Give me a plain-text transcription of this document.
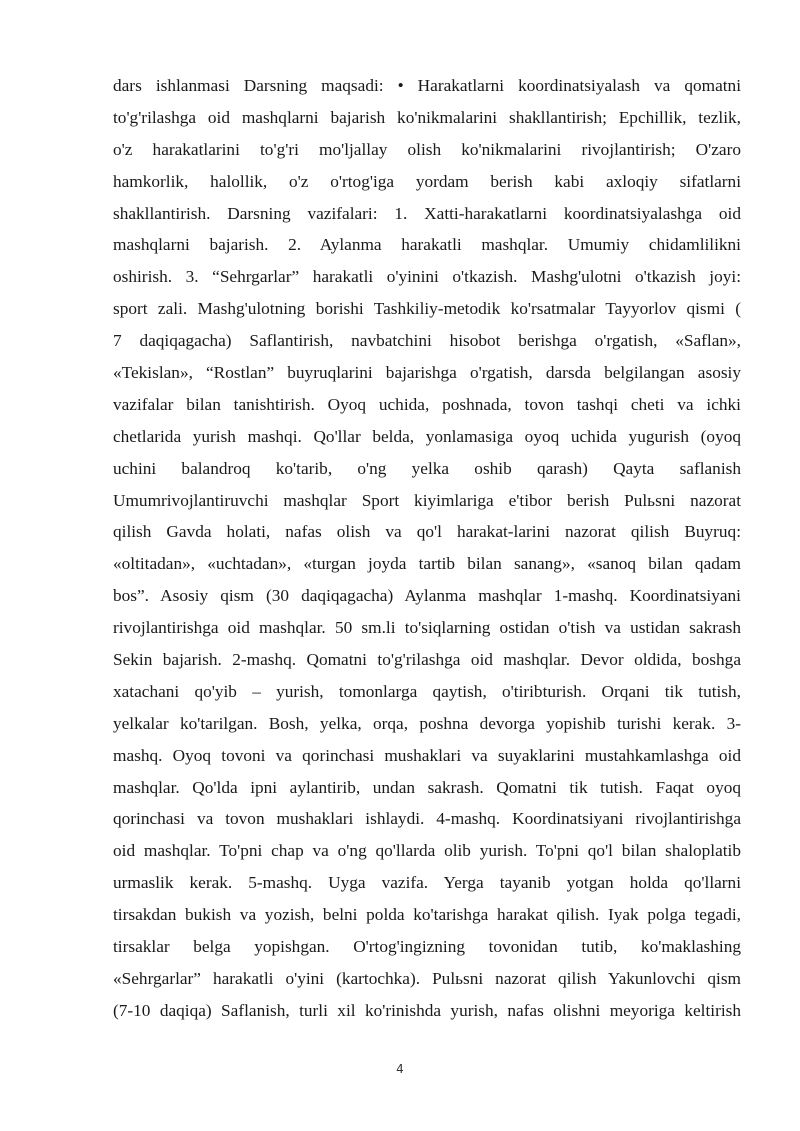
dars ishlanmasi Darsning maqsadi: • Harakatlarni koordinatsiyalash va qomatni
to'g'rilashga oid mashqlarni bajarish ko'nikmalarini shakllantirish; Epchillik, tezlik,
o'z harakatlarini to'g'ri mo'ljallay olish ko'nikmalarini rivojlantirish; O'zaro
hamkorlik, halollik, o'z o'rtog'iga yordam berish kabi axloqiy sifatlarni
shakllantirish. Darsning vazifalari: 1. Xatti-harakatlarni koordinatsiyalashga oid
mashqlarni bajarish. 2. Aylanma harakatli mashqlar. Umumiy chidamlilikni
oshirish. 3. “Sehrgarlar” harakatli o'yinini o'tkazish. Mashg'ulotni o'tkazish joyi:
sport zali. Mashg'ulotning borishi Tashkiliy-metodik ko'rsatmalar Tayyorlov qismi (
7 daqiqagacha) Saflantirish, navbatchini hisobot berishga o'rgatish, «Saflan»,
«Tekislan», “Rostlan” buyruqlarini bajarishga o'rgatish, darsda belgilangan asosiy
vazifalar bilan tanishtirish. Oyoq uchida, poshnada, tovon tashqi cheti va ichki
chetlarida yurish mashqi. Qo'llar belda, yonlamasiga oyoq uchida yugurish (oyoq
uchini balandroq ko'tarib, o'ng yelka oshib qarash) Qayta saflanish
Umumrivojlantiruvchi mashqlar Sport kiyimlariga e'tibor berish Pulьsni nazorat
qilish Gavda holati, nafas olish va qo'l harakat-larini nazorat qilish Buyruq:
«oltitadan», «uchtadan», «turgan joyda tartib bilan sanang», «sanoq bilan qadam
bos”. Asosiy qism (30 daqiqagacha) Aylanma mashqlar 1-mashq. Koordinatsiyani
rivojlantirishga oid mashqlar. 50 sm.li to'siqlarning ostidan o'tish va ustidan sakrash
Sekin bajarish. 2-mashq. Qomatni to'g'rilashga oid mashqlar. Devor oldida, boshga
xatachani qo'yib – yurish, tomonlarga qaytish, o'tiribturish. Orqani tik tutish,
yelkalar ko'tarilgan. Bosh, yelka, orqa, poshna devorga yopishib turishi kerak. 3-
mashq. Oyoq tovoni va qorinchasi mushaklari va suyaklarini mustahkamlashga oid
mashqlar. Qo'lda ipni aylantirib, undan sakrash. Qomatni tik tutish. Faqat oyoq
qorinchasi va tovon mushaklari ishlaydi. 4-mashq. Koordinatsiyani rivojlantirishga
oid mashqlar. To'pni chap va o'ng qo'llarda olib yurish. To'pni qo'l bilan shaloplatib
urmaslik kerak. 5-mashq. Uyga vazifa. Yerga tayanib yotgan holda qo'llarni
tirsakdan bukish va yozish, belni polda ko'tarishga harakat qilish. Iyak polga tegadi,
tirsaklar belga yopishgan. O'rtog'ingizning tovonidan tutib, ko'maklashing
«Sehrgarlar” harakatli o'yini (kartochka). Pulьsni nazorat qilish Yakunlovchi qism
(7-10 daqiqa) Saflanish, turli xil ko'rinishda yurish, nafas olishni meyoriga keltirish
4
